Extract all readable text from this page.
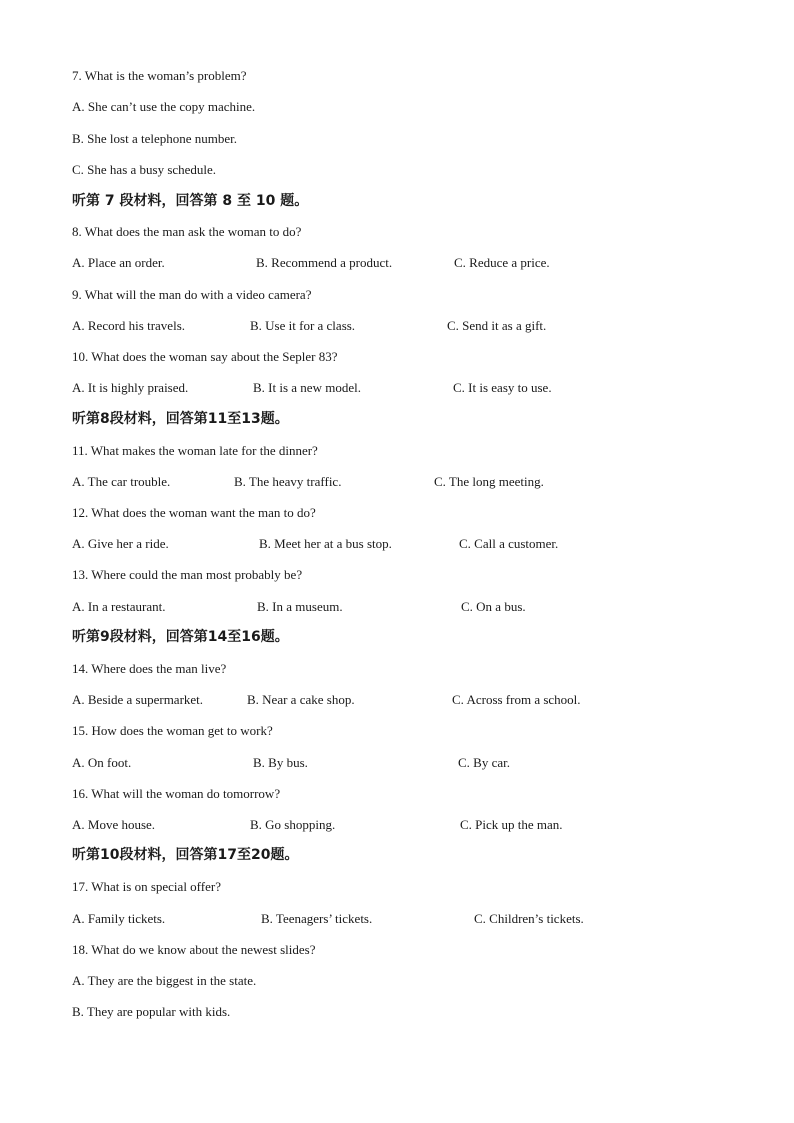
7. What is the woman’s problem?
A. She can’t use the copy machine.
B. She lost a telephone number.
C. She has a busy schedule.
听第 7 段材料，回答第 8 至 10 题。
8. What does the man ask the woman to do?
A. Place an order.	B. Recommend a product.	C. Reduce a price.
9. What will the man do with a video camera?
A. Record his travels.	B. Use it for a class.	C. Send it as a gift.
10. What does the woman say about the Sepler 83?
A. It is highly praised.	B. It is a new model.	C. It is easy to use.
听第8段材料，回答第11至13题。
11. What makes the woman late for the dinner?
A. The car trouble.	B. The heavy traffic.	C. The long meeting.
12. What does the woman want the man to do?
A. Give her a ride.	B. Meet her at a bus stop.	C. Call a customer.
13. Where could the man most probably be?
A. In a restaurant.	B. In a museum.	C. On a bus.
听第9段材料，回答第14至16题。
14. Where does the man live?
A. Beside a supermarket.	B. Near a cake shop.	C. Across from a school.
15. How does the woman get to work?
A. On foot.	B. By bus.	C. By car.
16. What will the woman do tomorrow?
A. Move house.	B. Go shopping.	C. Pick up the man.
听第10段材料，回答第17至20题。
17. What is on special offer?
A. Family tickets.	B. Teenagers’ tickets.	C. Children’s tickets.
18. What do we know about the newest slides?
A. They are the biggest in the state.
B. They are popular with kids.
